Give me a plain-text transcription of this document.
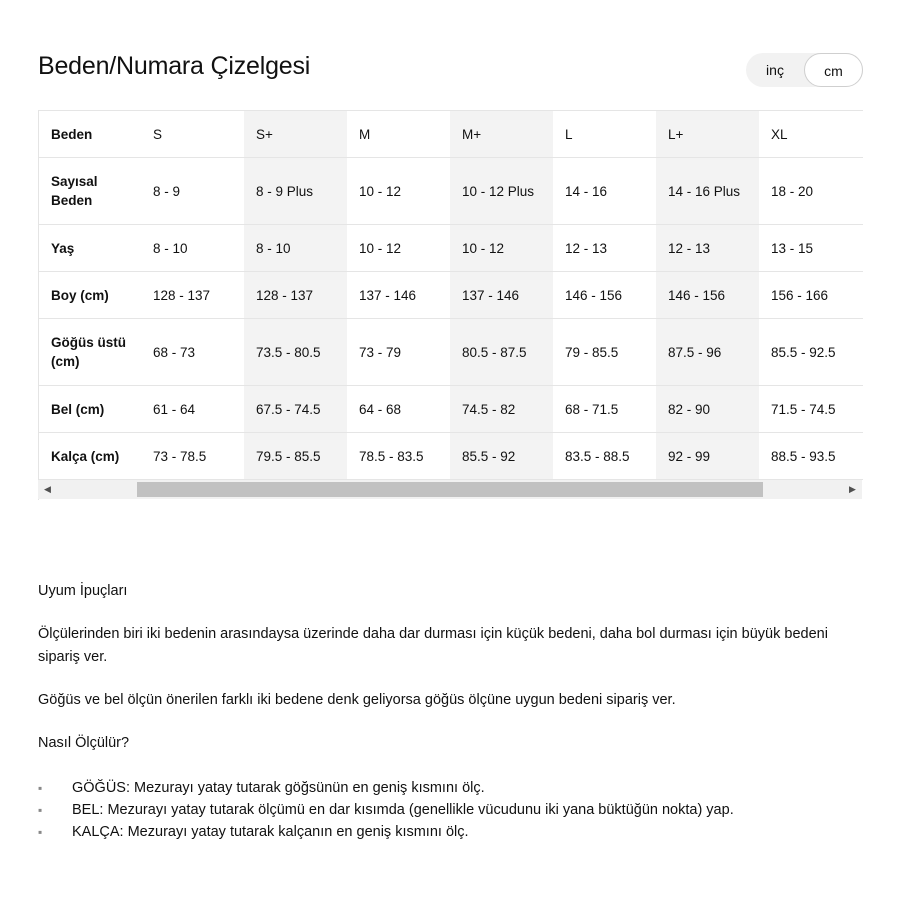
Beden/Numara Çizelgesi	inç	cm
Beden	S	S+	M	M+	L	L+	XL	
Sayısal Beden	8 - 9	8 - 9 Plus	10 - 12	10 - 12 Plus	14 - 16	14 - 16 Plus	18 - 20	
Yaş	8 - 10	8 - 10	10 - 12	10 - 12	12 - 13	12 - 13	13 - 15	
Boy (cm)	128 - 137	128 - 137	137 - 146	137 - 146	146 - 156	146 - 156	156 - 166	
Göğüs üstü (cm)	68 - 73	73.5 - 80.5	73 - 79	80.5 - 87.5	79 - 85.5	87.5 - 96	85.5 - 92.5	
Bel (cm)	61 - 64	67.5 - 74.5	64 - 68	74.5 - 82	68 - 71.5	82 - 90	71.5 - 74.5	
Kalça (cm)	73 - 78.5	79.5 - 85.5	78.5 - 83.5	85.5 - 92	83.5 - 88.5	92 - 99	88.5 - 93.5	
◀	▶

Uyum İpuçları

Ölçülerinden biri iki bedenin arasındaysa üzerinde daha dar durması için küçük bedeni, daha bol durması için büyük bedeni sipariş ver.

Göğüs ve bel ölçün önerilen farklı iki bedene denk geliyorsa göğüs ölçüne uygun bedeni sipariş ver.

Nasıl Ölçülür?

▪ GÖĞÜS: Mezurayı yatay tutarak göğsünün en geniş kısmını ölç.
▪ BEL: Mezurayı yatay tutarak ölçümü en dar kısımda (genellikle vücudunu iki yana büktüğün nokta) yap.
▪ KALÇA: Mezurayı yatay tutarak kalçanın en geniş kısmını ölç.
